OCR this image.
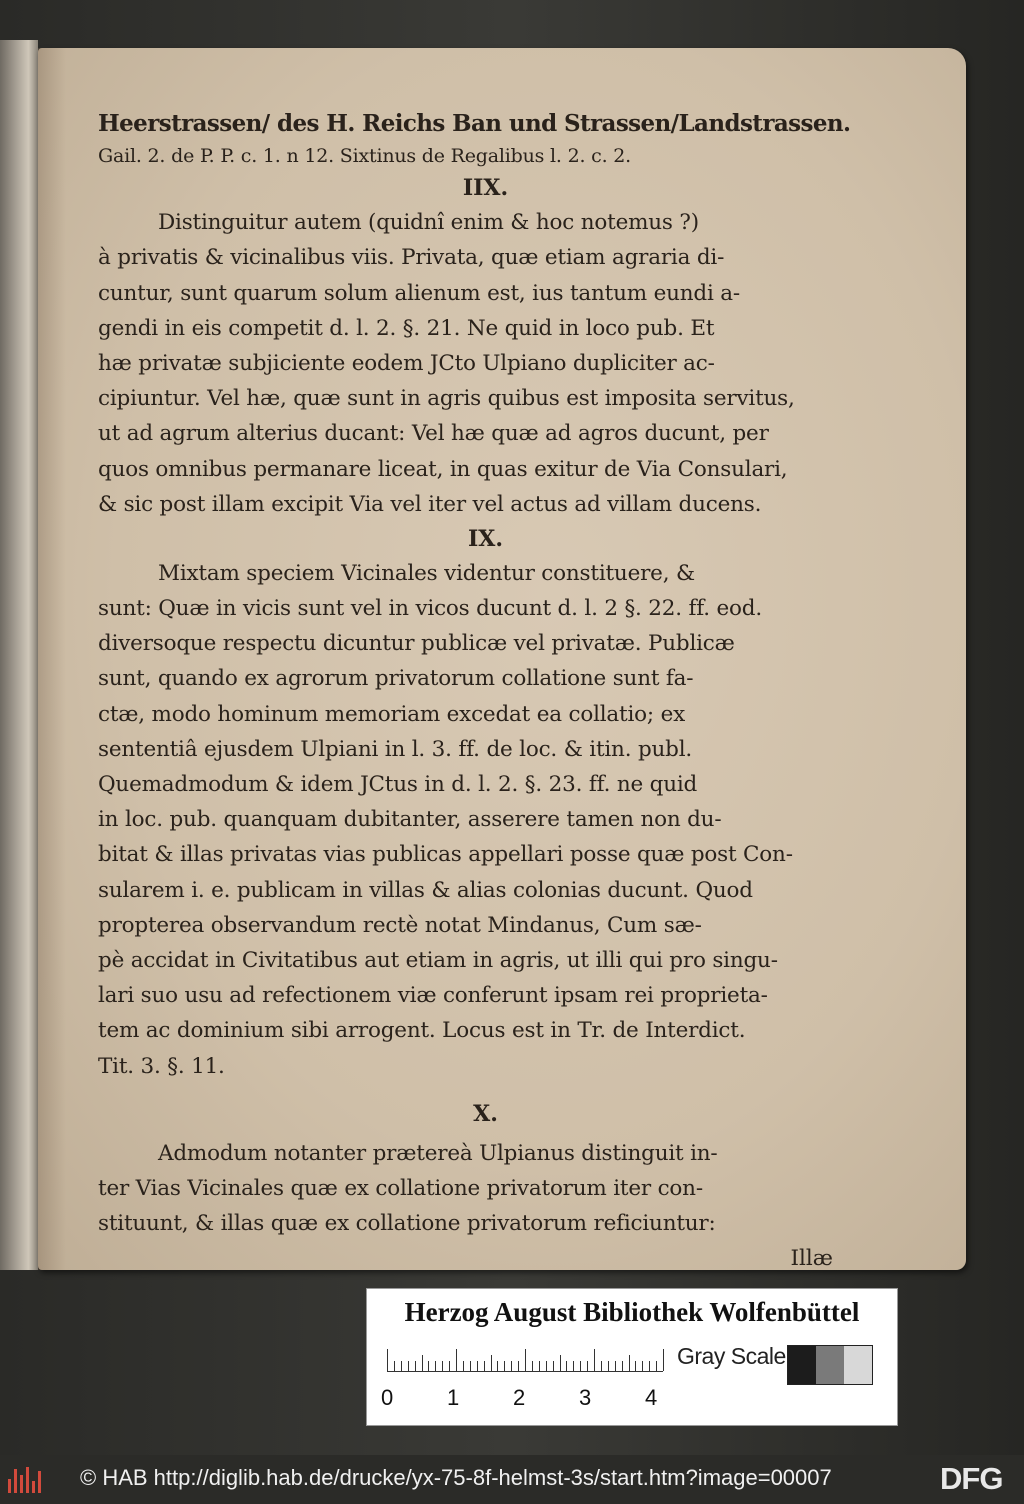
Heerstrassen/ des H. Reichs Ban und Strassen/Landstrassen.
Gail. 2. de P. P. c. 1. n 12. Sixtinus de Regalibus l. 2. c. 2.
IIX.
Distinguitur autem (quidnî enim & hoc notemus ?)
à privatis & vicinalibus viis. Privata, quæ etiam agraria di-
cuntur, sunt quarum solum alienum est, ius tantum eundi a-
gendi in eis competit d. l. 2. §. 21. Ne quid in loco pub. Et
hæ privatæ subjiciente eodem JCto Ulpiano dupliciter ac-
cipiuntur. Vel hæ, quæ sunt in agris quibus est imposita servitus,
ut ad agrum alterius ducant: Vel hæ quæ ad agros ducunt, per
quos omnibus permanare liceat, in quas exitur de Via Consulari,
& sic post illam excipit Via vel iter vel actus ad villam ducens.
IX.
Mixtam speciem Vicinales videntur constituere, &
sunt: Quæ in vicis sunt vel in vicos ducunt d. l. 2 §. 22. ff. eod.
diversoque respectu dicuntur publicæ vel privatæ. Publicæ
sunt, quando ex agrorum privatorum collatione sunt fa-
ctæ, modo hominum memoriam excedat ea collatio; ex
sententiâ ejusdem Ulpiani in l. 3. ff. de loc. & itin. publ.
Quemadmodum & idem JCtus in d. l. 2. §. 23. ff. ne quid
in loc. pub. quanquam dubitanter, asserere tamen non du-
bitat & illas privatas vias publicas appellari posse quæ post Con-
sularem i. e. publicam in villas & alias colonias ducunt. Quod
propterea observandum rectè notat Mindanus, Cum sæ-
pè accidat in Civitatibus aut etiam in agris, ut illi qui pro singu-
lari suo usu ad refectionem viæ conferunt ipsam rei proprieta-
tem ac dominium sibi arrogent. Locus est in Tr. de Interdict.
Tit. 3. §. 11.
X.
Admodum notanter prætereà Ulpianus distinguit in-
ter Vias Vicinales quæ ex collatione privatorum iter con-
stituunt, & illas quæ ex collatione privatorum reficiuntur:
Illæ
Herzog August Bibliothek Wolfenbüttel
0 1 2 3 4
Gray Scale
© HAB http://diglib.hab.de/drucke/yx-75-8f-helmst-3s/start.htm?image=00007	DFG
